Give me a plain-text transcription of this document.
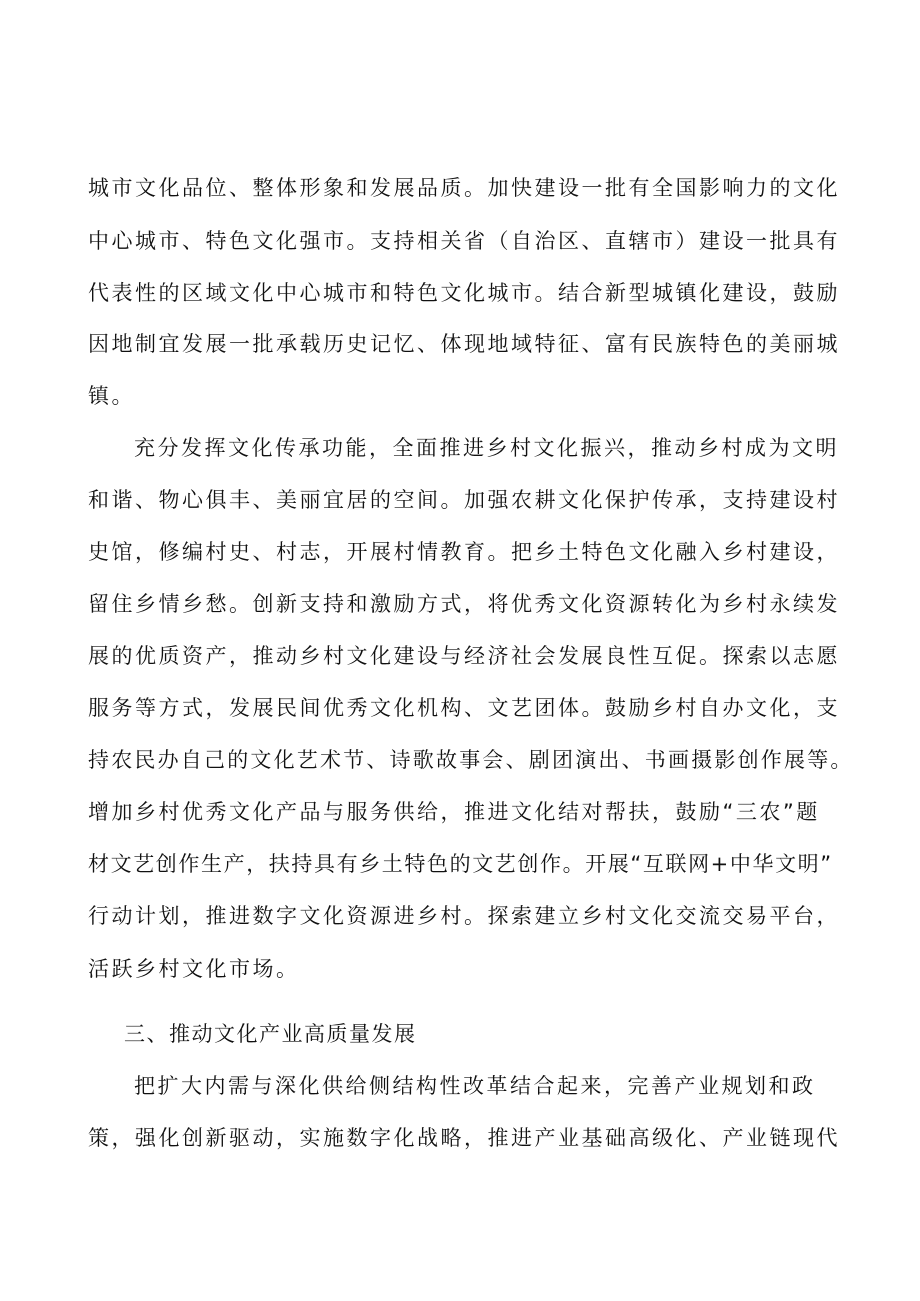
城市文化品位、整体形象和发展品质。加快建设一批有全国影响力的文化
中心城市、特色文化强市。支持相关省（自治区、直辖市）建设一批具有
代表性的区域文化中心城市和特色文化城市。结合新型城镇化建设，鼓励
因地制宜发展一批承载历史记忆、体现地域特征、富有民族特色的美丽城
镇。
充分发挥文化传承功能，全面推进乡村文化振兴，推动乡村成为文明
和谐、物心俱丰、美丽宜居的空间。加强农耕文化保护传承，支持建设村
史馆，修编村史、村志，开展村情教育。把乡土特色文化融入乡村建设，
留住乡情乡愁。创新支持和激励方式，将优秀文化资源转化为乡村永续发
展的优质资产，推动乡村文化建设与经济社会发展良性互促。探索以志愿
服务等方式，发展民间优秀文化机构、文艺团体。鼓励乡村自办文化，支
持农民办自己的文化艺术节、诗歌故事会、剧团演出、书画摄影创作展等。
增加乡村优秀文化产品与服务供给，推进文化结对帮扶，鼓励“三农”题
材文艺创作生产，扶持具有乡土特色的文艺创作。开展“互联网+中华文明”
行动计划，推进数字文化资源进乡村。探索建立乡村文化交流交易平台，
活跃乡村文化市场。
三、推动文化产业高质量发展
把扩大内需与深化供给侧结构性改革结合起来，完善产业规划和政
策，强化创新驱动，实施数字化战略，推进产业基础高级化、产业链现代
